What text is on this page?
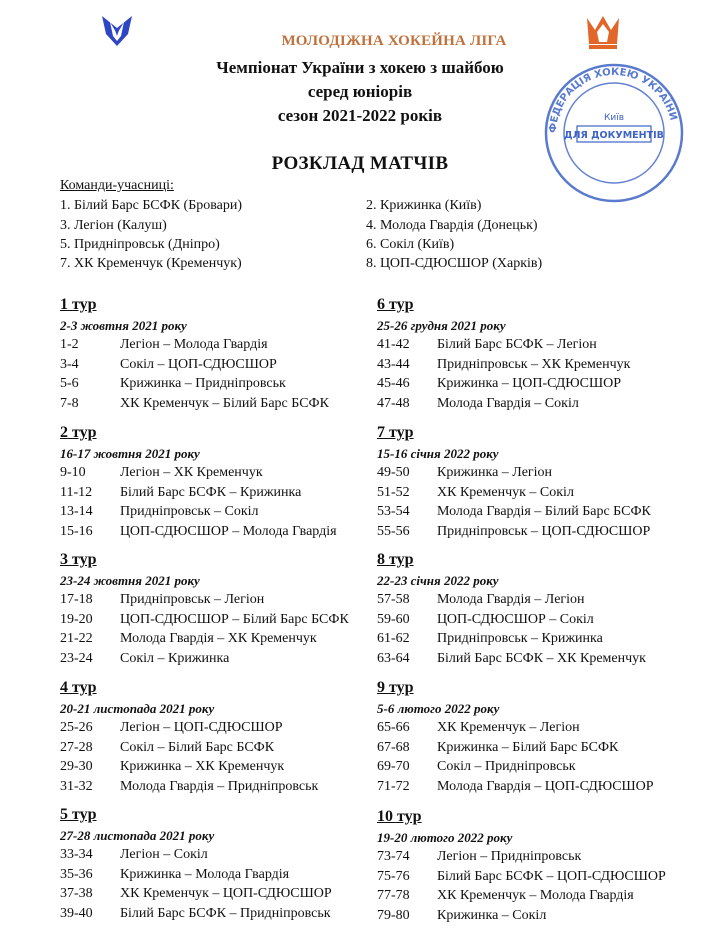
МОЛОДІЖНА ХОКЕЙНА ЛІГА
Чемпіонат України з хокею з шайбою
серед юніорів
сезон 2021-2022 років
РОЗКЛАД МАТЧІВ
ФЕДЕРАЦІЯ ХОКЕЮ УКРАЇНИ
Київ
ДЛЯ ДОКУМЕНТІВ
Команди-учасниці:
1. Білий Барс БСФК (Бровари)	2. Крижинка (Київ)
3. Легіон (Калуш)	4. Молода Гвардія (Донецьк)
5. Придніпровськ (Дніпро)	6. Сокіл (Київ)
7. ХК Кременчук (Кременчук)	8. ЦОП-СДЮСШОР (Харків)
1 тур
2-3 жовтня 2021 року
1-2	Легіон – Молода Гвардія
3-4	Сокіл – ЦОП-СДЮСШОР
5-6	Крижинка – Придніпровськ
7-8	ХК Кременчук – Білий Барс БСФК
2 тур
16-17 жовтня 2021 року
9-10 Легіон – ХК Кременчук
11-12 Білий Барс БСФК – Крижинка
13-14 Придніпровськ – Сокіл
15-16 ЦОП-СДЮСШОР – Молода Гвардія
3 тур
23-24 жовтня 2021 року
17-18 Придніпровськ – Легіон
19-20 ЦОП-СДЮСШОР – Білий Барс БСФК
21-22 Молода Гвардія – ХК Кременчук
23-24 Сокіл – Крижинка
4 тур
20-21 листопада 2021 року
25-26 Легіон – ЦОП-СДЮСШОР
27-28 Сокіл – Білий Барс БСФК
29-30 Крижинка – ХК Кременчук
31-32 Молода Гвардія – Придніпровськ
5 тур
27-28 листопада 2021 року
33-34 Легіон – Сокіл
35-36 Крижинка – Молода Гвардія
37-38 ХК Кременчук – ЦОП-СДЮСШОР
39-40 Білий Барс БСФК – Придніпровськ
6 тур
25-26 грудня 2021 року
41-42 Білий Барс БСФК – Легіон
43-44 Придніпровськ – ХК Кременчук
45-46 Крижинка – ЦОП-СДЮСШОР
47-48 Молода Гвардія – Сокіл
7 тур
15-16 січня 2022 року
49-50 Крижинка – Легіон
51-52 ХК Кременчук – Сокіл
53-54 Молода Гвардія – Білий Барс БСФК
55-56 Придніпровськ – ЦОП-СДЮСШОР
8 тур
22-23 січня 2022 року
57-58 Молода Гвардія – Легіон
59-60 ЦОП-СДЮСШОР – Сокіл
61-62 Придніпровськ – Крижинка
63-64 Білий Барс БСФК – ХК Кременчук
9 тур
5-6 лютого 2022 року
65-66 ХК Кременчук – Легіон
67-68 Крижинка – Білий Барс БСФК
69-70 Сокіл – Придніпровськ
71-72 Молода Гвардія – ЦОП-СДЮСШОР
10 тур
19-20 лютого 2022 року
73-74 Легіон – Придніпровськ
75-76 Білий Барс БСФК – ЦОП-СДЮСШОР
77-78 ХК Кременчук – Молода Гвардія
79-80 Крижинка – Сокіл
